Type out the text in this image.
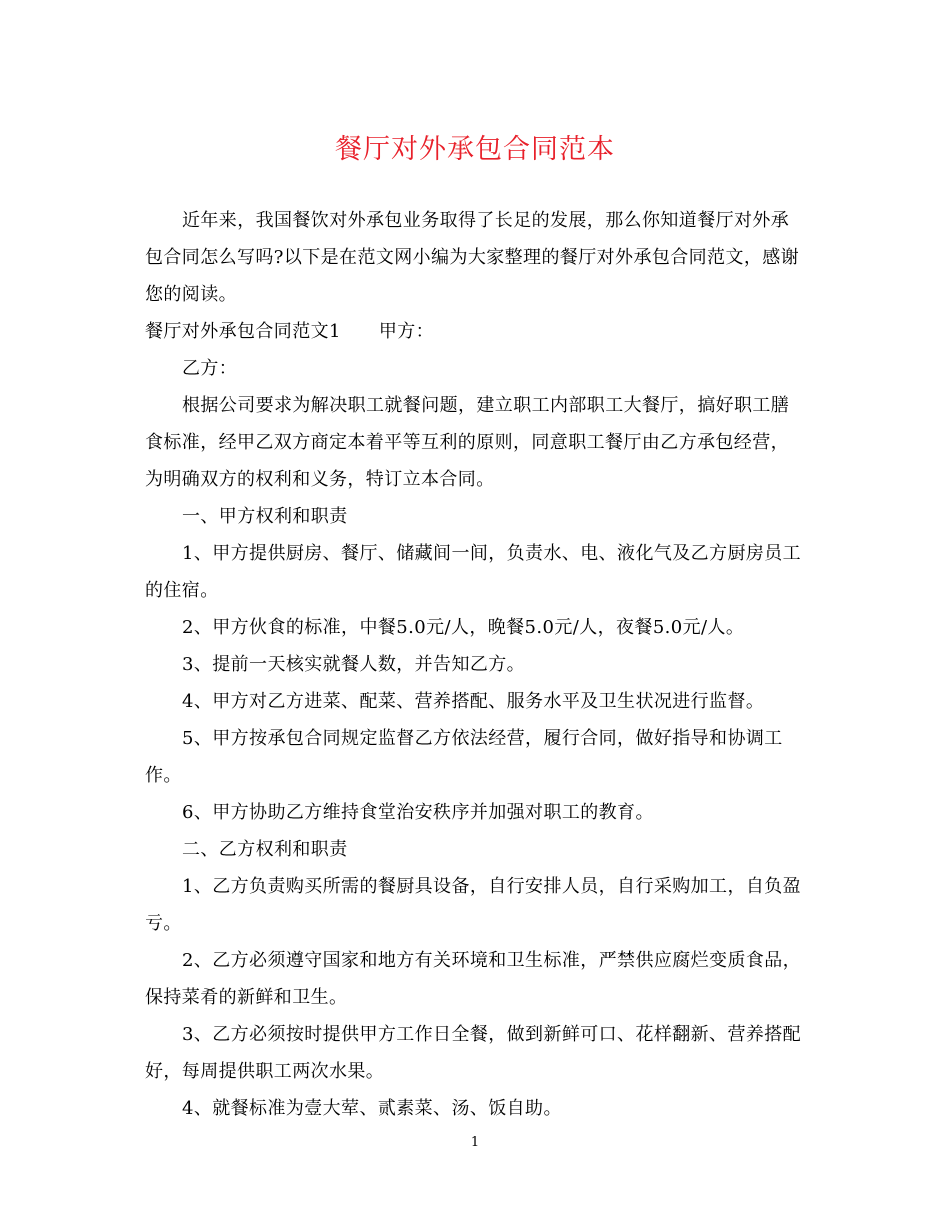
餐厅对外承包合同范本

近年来，我国餐饮对外承包业务取得了长足的发展，那么你知道餐厅对外承

包合同怎么写吗?以下是在范文网小编为大家整理的餐厅对外承包合同范文，感谢

您的阅读。

餐厅对外承包合同范文1 甲方：

乙方：

根据公司要求为解决职工就餐问题，建立职工内部职工大餐厅，搞好职工膳

食标准，经甲乙双方商定本着平等互利的原则，同意职工餐厅由乙方承包经营，

为明确双方的权利和义务，特订立本合同。

一、甲方权利和职责

1、甲方提供厨房、餐厅、储藏间一间，负责水、电、液化气及乙方厨房员工

的住宿。

2、甲方伙食的标准，中餐5.0元/人，晚餐5.0元/人，夜餐5.0元/人。

3、提前一天核实就餐人数，并告知乙方。

4、甲方对乙方进菜、配菜、营养搭配、服务水平及卫生状况进行监督。

5、甲方按承包合同规定监督乙方依法经营，履行合同，做好指导和协调工

作。

6、甲方协助乙方维持食堂治安秩序并加强对职工的教育。

二、乙方权利和职责

1、乙方负责购买所需的餐厨具设备，自行安排人员，自行采购加工，自负盈

亏。

2、乙方必须遵守国家和地方有关环境和卫生标准，严禁供应腐烂变质食品，

保持菜肴的新鲜和卫生。

3、乙方必须按时提供甲方工作日全餐，做到新鲜可口、花样翻新、营养搭配

好，每周提供职工两次水果。

4、就餐标准为壹大荤、贰素菜、汤、饭自助。

1
